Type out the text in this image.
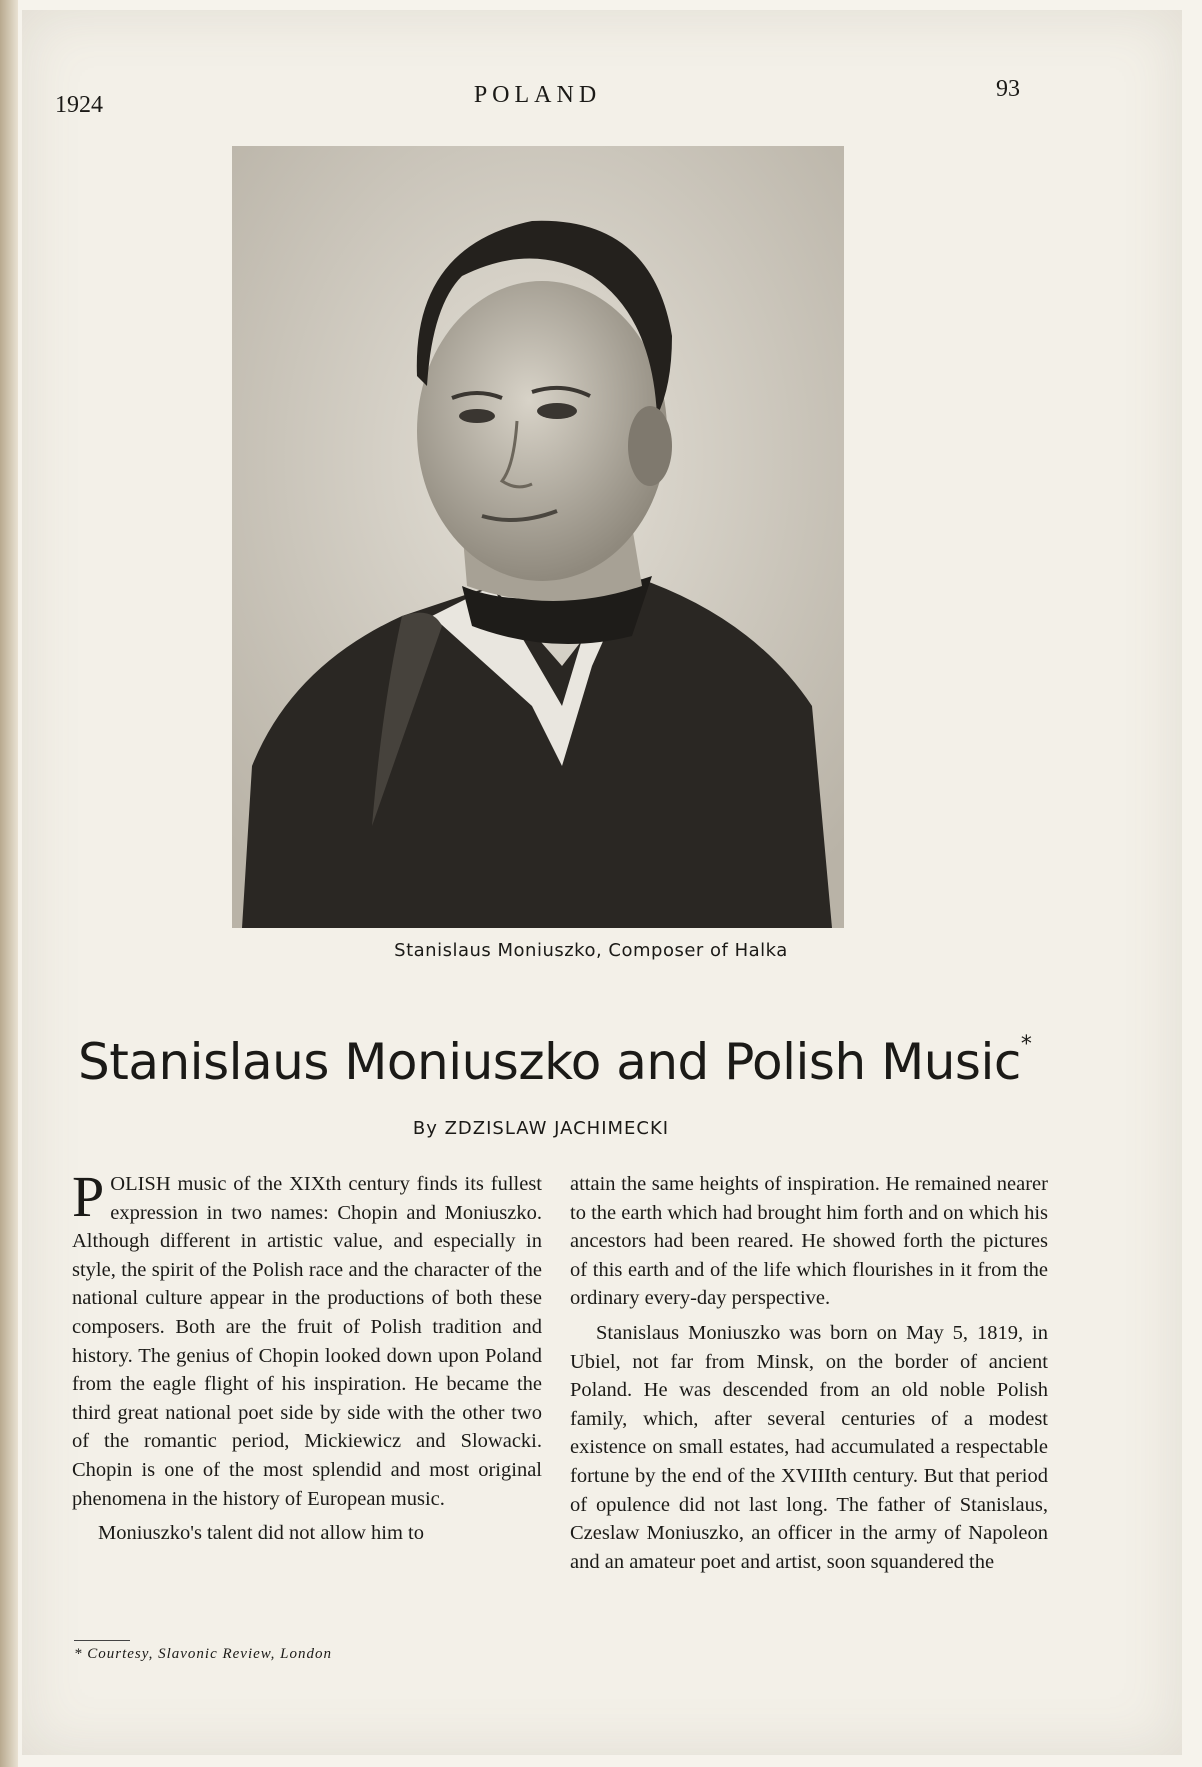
1924	POLAND	93
Stanislaus Moniuszko, Composer of Halka
Stanislaus Moniuszko and Polish Music*
By ZDZISLAW JACHIMECKI

POLISH music of the XIXth century finds its fullest expression in two names: Chopin and Moniuszko. Although different in artistic value, and especially in style, the spirit of the Polish race and the character of the national culture appear in the productions of both these composers. Both are the fruit of Polish tradition and history. The genius of Chopin looked down upon Poland from the eagle flight of his inspiration. He became the third great national poet side by side with the other two of the romantic period, Mickiewicz and Slowacki. Chopin is one of the most splendid and most original phenomena in the history of European music.

Moniuszko's talent did not allow him to

attain the same heights of inspiration. He remained nearer to the earth which had brought him forth and on which his ancestors had been reared. He showed forth the pictures of this earth and of the life which flourishes in it from the ordinary every-day perspective.

Stanislaus Moniuszko was born on May 5, 1819, in Ubiel, not far from Minsk, on the border of ancient Poland. He was descended from an old noble Polish family, which, after several centuries of a modest existence on small estates, had accumulated a respectable fortune by the end of the XVIIIth century. But that period of opulence did not last long. The father of Stanislaus, Czeslaw Moniuszko, an officer in the army of Napoleon and an amateur poet and artist, soon squandered the

* Courtesy, Slavonic Review, London
